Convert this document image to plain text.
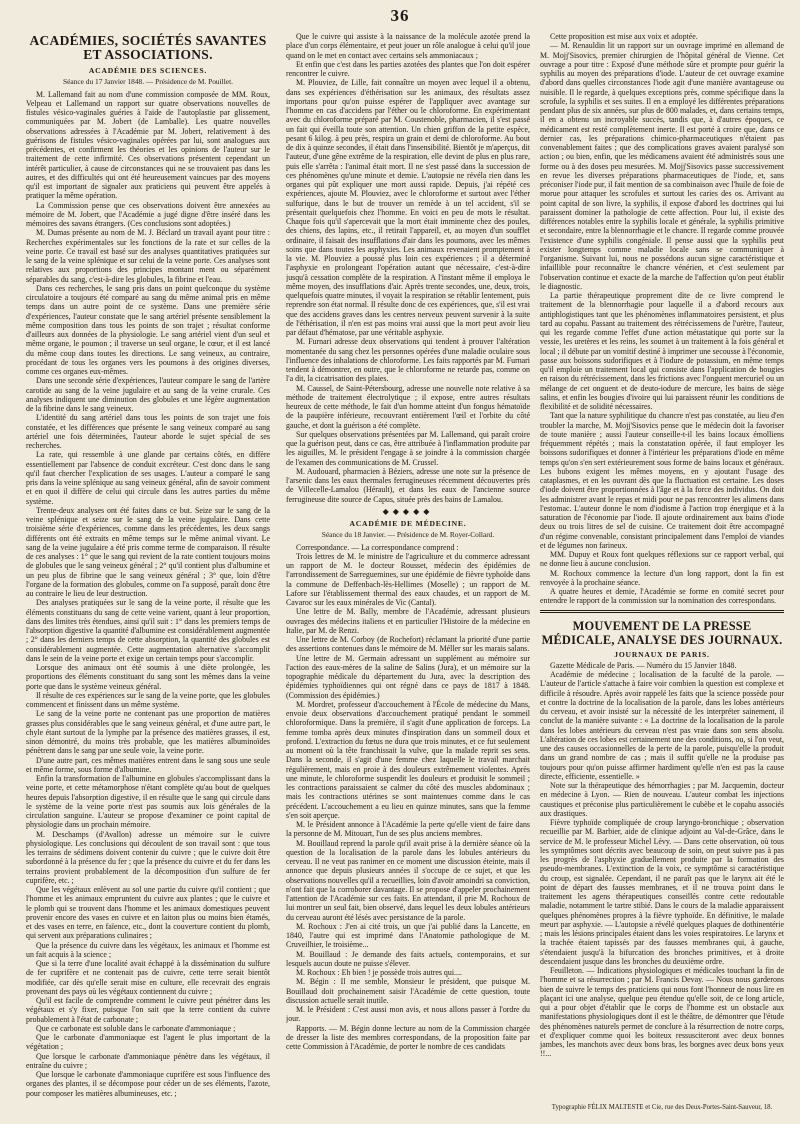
36
ACADÉMIES, SOCIÉTÉS SAVANTES ET ASSOCIATIONS.
ACADÉMIE DES SCIENCES.
Séance du 17 Janvier 1848. — Présidence de M. Pouillet.

M. Lallemand fait au nom d'une commission composée de MM. Roux, Velpeau et Lallemand un rapport sur quatre observations nouvelles de fistules vésico-vaginales guéries à l'aide de l'autoplastie par glissement, communiquées par M. Jobert (de Lamballe). Les quatre nouvelles observations adressées à l'Académie par M. Jobert, relativement à des guérisons de fistules vésico-vaginales opérées par lui, sont analogues aux précédentes, et confirment les théories et les opinions de l'auteur sur le traitement de cette infirmité. Ces observations présentent cependant un intérêt particulier, à cause de circonstances qui ne se trouvaient pas dans les autres, et des difficultés qui ont été heureusement vaincues par des moyens qu'il est important de signaler aux praticiens qui peuvent être appelés à pratiquer la même opération.

La Commission pense que ces observations doivent être annexées au mémoire de M. Jobert, que l'Académie a jugé digne d'être inséré dans les mémoires des savans étrangers. (Ces conclusions sont adoptées.)

M. Dumas présente au nom de M. J. Béclard un travail ayant pour titre : Recherches expérimentales sur les fonctions de la rate et sur celles de la veine porte. Ce travail est basé sur des analyses quantitatives pratiquées sur le sang de la veine splénique et sur celui de la veine porte. Ces analyses sont relatives aux proportions des principes montant ment ou séparément séparables du sang, c'est-à-dire les globules, la fibrine et l'eau.

Dans ces recherches, le sang pris dans un point quelconque du système circulatoire a toujours été comparé au sang du même animal pris en même temps dans un autre point de ce système. Dans une première série d'expériences, l'auteur constate que le sang artériel présente sensiblement la même composition dans tous les points de son trajet ; résultat conforme d'ailleurs aux données de la physiologie. Le sang artériel vient d'un seul et même organe, le poumon ; il traverse un seul organe, le cœur, et il est lancé du même coup dans toutes les directions. Le sang veineux, au contraire, procédant de tous les organes vers les poumons à des origines diverses, comme ces organes eux-mêmes.

Dans une seconde série d'expériences, l'auteur compare le sang de l'artère carotide au sang de la veine jugulaire et au sang de la veine crurale. Ces analyses indiquent une diminution des globules et une légère augmentation de la fibrine dans le sang veineux.

L'identité du sang artériel dans tous les points de son trajet une fois constatée, et les différences que présente le sang veineux comparé au sang artériel une fois déterminées, l'auteur aborde le sujet spécial de ses recherches.

La rate, qui ressemble à une glande par certains côtés, en diffère essentiellement par l'absence de conduit excréteur. C'est donc dans le sang qu'il faut chercher l'explication de ses usages. L'auteur a comparé le sang pris dans la veine splénique au sang veineux général, afin de savoir comment et en quoi il diffère de celui qui circule dans les autres parties du même système.

Trente-deux analyses ont été faites dans ce but. Seize sur le sang de la veine splénique et seize sur le sang de la veine jugulaire. Dans cette troisième série d'expériences, comme dans les précédentes, les deux sangs différents ont été extraits en même temps sur le même animal vivant. Le sang de la veine jugulaire a été pris comme terme de comparaison. Il résulte de ces analyses : 1° que le sang qui revient de la rate contient toujours moins de globules que le sang veineux général ; 2° qu'il contient plus d'albumine et un peu plus de fibrine que le sang veineux général ; 3° que, loin d'être l'organe de la formation des globules, comme on l'a supposé, paraît donc être au contraire le lieu de leur destruction.

Des analyses pratiquées sur le sang de la veine porte, il résulte que les éléments constituans du sang de cette veine varient, quant à leur proportion, dans des limites très étendues, ainsi qu'il suit : 1° dans les premiers temps de l'absorption digestive la quantité d'albumine est considérablement augmentée ; 2° dans les derniers temps de cette absorption, la quantité des globules est considérablement augmentée. Cette augmentation alternative s'accomplit dans le sein de la veine porte et exige un certain temps pour s'accomplir.

Lorsque des animaux ont été soumis à une diète prolongée, les proportions des éléments constituant du sang sont les mêmes dans la veine porte que dans le système veineux général.

Il résulte de ces expériences sur le sang de la veine porte, que les globules commencent et finissent dans un même système.

Le sang de la veine porte ne contenant pas une proportion de matières grasses plus considérables que le sang veineux général, et d'une autre part, le chyle étant surtout de la lymphe par la présence des matières grasses, il est, sinon démontré, du moins très probable, que les matières albuminoïdes pénètrent dans le sang par une seule voie, la veine porte.

D'une autre part, ces mêmes matières entrent dans le sang sous une seule et même forme, sous forme d'albumine.

Enfin la transformation de l'albumine en globules s'accomplissant dans la veine porte, et cette métamorphose n'étant complète qu'au bout de quelques heures depuis l'absorption digestive, il en résulte que le sang qui circule dans le système de la veine porte n'est pas soumis aux lois générales de la circulation sanguine. L'auteur se propose d'examiner ce point capital de physiologie dans un prochain mémoire.

M. Deschamps (d'Avallon) adresse un mémoire sur le cuivre physiologique. Les conclusions qui découlent de son travail sont : que tous les terrains de sédimens doivent contenir du cuivre ; que le cuivre doit être subordonné à la présence du fer ; que la présence du cuivre et du fer dans les terrains provient probablement de la décomposition d'un sulfure de fer cuprifère, etc. ;

Que les végétaux enlèvent au sol une partie du cuivre qu'il contient ; que l'homme et les animaux empruntent du cuivre aux plantes ; que le cuivre et le plomb qui se trouvent dans l'homme et les animaux domestiques peuvent provenir encore des vases en cuivre et en laiton plus ou moins bien étamés, et des vases en terre, en faïence, etc., dont la couverture contient du plomb, qui servent aux préparations culinaires ;

Que la présence du cuivre dans les végétaux, les animaux et l'homme est un fait acquis à la science ;

Que si la terre d'une localité avait échappé à la dissémination du sulfure de fer cuprifère et ne contenait pas de cuivre, cette terre serait bientôt modifiée, car dès qu'elle serait mise en culture, elle recevrait des engrais provenant des pays où les végétaux contiennent du cuivre ;

Qu'il est facile de comprendre comment le cuivre peut pénétrer dans les végétaux et s'y fixer, puisque l'on sait que la terre contient du cuivre probablement à l'état de carbonate ;

Que ce carbonate est soluble dans le carbonate d'ammoniaque ;

Que le carbonate d'ammoniaque est l'agent le plus important de la végétation ;

Que lorsque le carbonate d'ammoniaque pénètre dans les végétaux, il entraîne du cuivre ;

Que lorsque le carbonate d'ammoniaque cuprifère est sous l'influence des organes des plantes, il se décompose pour céder un de ses éléments, l'azote, pour composer les matières albumineuses, etc. ;

Que le cuivre qui assiste à la naissance de la molécule azotée prend la place d'un corps élémentaire, et peut jouer un rôle analogue à celui qu'il joue quand on le met en contact avec certains sels ammoniacaux ;

Et enfin que c'est dans les parties azotées des plantes que l'on doit espérer rencontrer le cuivre.

M. Plouviez, de Lille, fait connaître un moyen avec lequel il a obtenu, dans ses expériences d'éthérisation sur les animaux, des résultats assez importans pour qu'on puisse espérer de l'appliquer avec avantage sur l'homme en cas d'accidens par l'éther ou le chloroforme. En expérimentant avec du chloroforme préparé par M. Coustenoble, pharmacien, il s'est passé un fait qui éveilla toute son attention. Un chien griffon de la petite espèce, pesant 6 kilog. à peu près, respira un grain et demi de chloroforme. Au bout de dix à quinze secondes, il était dans l'insensibilité. Bientôt je m'aperçus, dit l'auteur, d'une gêne extrême de la respiration, elle devint de plus en plus rare, puis elle s'arrêta : l'animal était mort. Il ne s'est passé dans la succession de ces phénomènes qu'une minute et demie. L'autopsie ne révéla rien dans les organes qui pût expliquer une mort aussi rapide. Depuis, j'ai répété ces expériences, ajoute M. Plouviez, avec le chloroforme et surtout avec l'éther sulfurique, dans le but de trouver un remède à un tel accident, s'il se présentait quelquefois chez l'homme. En voici en peu de mots le résultat. Chaque fois qu'il s'apercevait que la mort était imminente chez des poules, des chiens, des lapins, etc., il retirait l'appareil, et, au moyen d'un soufflet ordinaire, il faisait des insufflations d'air dans les poumons, avec les mêmes soins que dans toutes les asphyxies. Les animaux revenaient promptement à la vie. M. Plouviez a poussé plus loin ces expériences ; il a déterminé l'asphyxie en prolongeant l'opération autant que nécessaire, c'est-à-dire jusqu'à cessation complète de la respiration. A l'instant même il employa le même moyen, des insufflations d'air. Après trente secondes, une, deux, trois, quelquefois quatre minutes, il voyait la respiration se rétablir lentement, puis reprendre son état normal. Il résulte donc de ces expériences, que, s'il est vrai que des accidens graves dans les centres nerveux peuvent survenir à la suite de l'éthérisation, il n'en est pas moins vrai aussi que la mort peut avoir lieu par défaut d'hématose, par une véritable asphyxie.

M. Furnari adresse deux observations qui tendent à prouver l'altération momentanée du sang chez les personnes opérées d'une maladie oculaire sous l'influence des inhalations de chloroforme. Les faits rapportés par M. Furnari tendent à démontrer, en outre, que le chloroforme ne retarde pas, comme on l'a dit, la cicatrisation des plaies.

M. Caussel, de Saint-Pétersbourg, adresse une nouvelle note relative à sa méthode de traitement électrolytique ; il expose, entre autres résultats heureux de cette méthode, le fait d'un homme atteint d'un fongus hématoïde de la paupière inférieure, recouvrant entièrement l'œil et l'orbite du côté gauche, et dont la guérison a été complète.

Sur quelques observations présentées par M. Lallemand, qui paraît croire que la guérison peut, dans ce cas, être attribuée à l'inflammation produite par les aiguilles, M. le président l'engage à se joindre à la commission chargée de l'examen des communications de M. Crussel.

M. Audouard, pharmacien à Béziers, adresse une note sur la présence de l'arsenic dans les eaux thermales ferrugineuses récemment découvertes près de Villecelle-Lamalou (Hérault), et dans les eaux de l'ancienne source ferrugineuse dite source de Capus, située près des bains de Lamalou.

◆◆◆◆◆
ACADÉMIE DE MÉDECINE.
Séance du 18 Janvier. — Présidence de M. Royer-Collard.

Correspondance. — La correspondance comprend :

Trois lettres de M. le ministre de l'agriculture et du commerce adressant un rapport de M. le docteur Rousset, médecin des épidémies de l'arrondissement de Sarreguemines, sur une épidémie de fièvre typhoïde dans la commune de Deffenbach-lès-Hellimes (Moselle) ; un rapport de M. Lafore sur l'établissement thermal des eaux chaudes, et un rapport de M. Cavaroc sur les eaux minérales de Vic (Cantal).

Une lettre de M. Bally, membre de l'Académie, adressant plusieurs ouvrages des médecins italiens et en particulier l'Histoire de la médecine en Italie, par M. de Renzi.

Une lettre de M. Corboy (de Rochefort) réclamant la priorité d'une partie des assertions contenues dans le mémoire de M. Méller sur les marais salans.

Une lettre de M. Germain adressant un supplément au mémoire sur l'action des eaux-mères de la saline de Salins (Jura), et un mémoire sur la topographie médicale du département du Jura, avec la description des épidémies typhoïdiennes qui ont régné dans ce pays de 1817 à 1848. (Commission des épidémies.)

M. Mordret, professeur d'accouchement à l'École de médecine du Mans, envoie deux observations d'accouchement pratiqué pendant le sommeil chloroformique. Dans la première, il s'agit d'une application de forceps. La femme tomba après deux minutes d'inspiration dans un sommeil doux et profond. L'extraction du fœtus ne dura que trois minutes, et ce fut seulement au moment où la tête franchissait la vulve, que la malade reprit ses sens. Dans la seconde, il s'agit d'une femme chez laquelle le travail marchait régulièrement, mais en proie à des douleurs extrêmement violentes. Après une minute, le chloroforme suspendit les douleurs et produisit le sommeil ; les contractions paraissaient se calmer du côté des muscles abdominaux ; mais les contractions utérines se sont maintenues comme dans le cas précédent. L'accouchement a eu lieu en quinze minutes, sans que la femme s'en soit aperçue.

M. le Président annonce à l'Académie la perte qu'elle vient de faire dans la personne de M. Mitouart, l'un de ses plus anciens membres.

M. Bouillaud reprend la parole qu'il avait prise à la dernière séance où la question de la localisation de la parole dans les lobules antérieurs du cerveau. Il ne veut pas ranimer en ce moment une discussion éteinte, mais il annonce que depuis plusieurs années il s'occupe de ce sujet, et que les observations nouvelles qu'il a recueillies, loin d'avoir amoindri sa conviction, n'ont fait que la corroborer davantage. Il se propose d'appeler prochainement l'attention de l'Académie sur ces faits. En attendant, il prie M. Rochoux de lui montrer un seul fait, bien observé, dans lequel les deux lobules antérieurs du cerveau auront été lésés avec persistance de la parole.

M. Rochoux : J'en ai cité trois, un que j'ai publié dans la Lancette, en 1840, l'autre qui est imprimé dans l'Anatomie pathologique de M. Cruveilhier, le troisième...

M. Bouillaud : Je demande des faits actuels, contemporains, et sur lesquels aucun doute ne puisse s'élever.

M. Rochoux : Eh bien ! je possède trois autres qui....

M. Bégin : Il me semble, Monsieur le président, que puisque M. Bouillaud doit prochainement saisir l'Académie de cette question, toute discussion actuelle serait inutile.

M. le Président : C'est aussi mon avis, et nous allons passer à l'ordre du jour.

Rapports. — M. Bégin donne lecture au nom de la Commission chargée de dresser la liste des membres correspondans, de la proposition faite par cette Commission à l'Académie, de porter le nombre de ces candidats

Cette proposition est mise aux voix et adoptée.

— M. Renauldin lit un rapport sur un ouvrage imprimé en allemand de M. Mojj'Sisovics, premier chirurgien de l'hôpital général de Vienne. Cet ouvrage a pour titre : Exposé d'une méthode sûre et prompte pour guérir la syphilis au moyen des préparations d'iode. L'auteur de cet ouvrage examine d'abord dans quelles circonstances l'iode agit d'une manière avantageuse ou nuisible. Il le regarde, à quelques exceptions près, comme spécifique dans la scrofule, la syphilis et ses suites. Il en a employé les différentes préparations pendant plus de six années, sur plus de 800 malades, et, dans certains temps, il en a obtenu un incroyable succès, tandis que, à d'autres époques, ce médicament est resté complètement inerte. Il est porté à croire que, dans ce dernier cas, les préparations chimico-pharmaceutiques n'étaient pas convenablement faites ; que des complications graves avaient paralysé son action ; ou bien, enfin, que les médicamens avaient été administrés sous une forme ou à des doses peu mesurées. M. Mojj'Sisovics passe successivement en revue les diverses préparations pharmaceutiques de l'iode, et, sans préconiser l'iode pur, il fait mention de sa combinaison avec l'huile de foie de morue pour attaquer les scrofules et surtout les caries des os. Arrivant au point capital de son livre, la syphilis, il expose d'abord les doctrines qui lui paraissent dominer la pathologie de cette affection. Pour lui, il existe des différences notables entre la syphilis locale et générale, la syphilis primitive et secondaire, entre la blennorrhagie et le chancre. Il regarde comme prouvée l'existence d'une syphilis congéniale. Il pense aussi que la syphilis peut exister longtemps comme maladie locale sans se communiquer à l'organisme. Suivant lui, nous ne possédons aucun signe caractéristique et infaillible pour reconnaître le chancre vénérien, et c'est seulement par l'observation continue et exacte de la marche de l'affection qu'on peut établir le diagnostic.

La partie thérapeutique proprement dite de ce livre comprend le traitement de la blennorrhagie pour laquelle il a d'abord recours aux antiphlogistiques tant que les phénomènes inflammatoires persistent, et plus tard au copahu. Passant au traitement des rétrécissemens de l'urètre, l'auteur, qui les regarde comme l'effet d'une action métastatique qui porte sur la vessie, les uretères et les reins, les soumet à un traitement à la fois général et local ; il débute par un vomitif destiné à imprimer une secousse à l'économie, passe aux boissons sudorifiques et à l'iodure de potassium, en même temps qu'il emploie un traitement local qui consiste dans l'application de bougies en raison du rétrécissement, dans les frictions avec l'onguent mercuriel ou un mélange de cet onguent et de deuto-iodure de mercure, les bains de siège salins, et enfin les bougies d'ivoire qui lui paraissent réunir les conditions de flexibilité et de solidité nécessaires.

Tant que la nature syphilitique du chancre n'est pas constatée, au lieu d'en troubler la marche, M. Mojj'Sisovics pense que le médecin doit la favoriser de toute manière ; aussi l'auteur conseille-t-il les bains locaux émolliens fréquemment répétés ; mais la constatation opérée, il faut employer les boissons sudorifiques et donner à l'intérieur les préparations d'iode en même temps qu'on s'en sert extérieurement sous forme de bains locaux et généraux. Les bubons exigent les mêmes moyens, en y ajoutant l'usage des cataplasmes, et en les ouvrant dès que la fluctuation est certaine. Les doses d'iode doivent être proportionnées à l'âge et à la force des individus. On doit les administrer avant le repas et midi pour ne pas rencontrer les alimens dans l'estomac. L'auteur donne le nom d'iodisme à l'action trop énergique et à la saturation de l'économie par l'iode. Il ajoute ordinairement aux bains d'iode deux ou trois litres de sel de cuisine. Ce traitement doit être accompagné d'un régime convenable, consistant principalement dans l'emploi de viandes et de légumes non farineux.

MM. Dupuy et Roux font quelques réflexions sur ce rapport verbal, qui ne donne lieu à aucune conclusion.

M. Rochoux commence la lecture d'un long rapport, dont la fin est renvoyée à la prochaine séance.

A quatre heures et demie, l'Académie se forme en comité secret pour entendre le rapport de la commission sur la nomination des correspondans.

MOUVEMENT DE LA PRESSE MÉDICALE, ANALYSE DES JOURNAUX.
JOURNAUX DE PARIS.

Gazette Médicale de Paris. — Numéro du 15 Janvier 1848.

Académie de médecine ; localisation de la faculté de la parole. — L'auteur de l'article s'attache à faire voir combien la question est complexe et difficile à résoudre. Après avoir rappelé les faits que la science possède pour et contre la doctrine de la localisation de la parole, dans les lobes antérieurs du cerveau, et avoir insisté sur la nécessité de les interpréter sainement, il conclut de la manière suivante : « La doctrine de la localisation de la parole dans les lobes antérieurs du cerveau n'est pas vraie dans son sens absolu. L'altération de ces lobes est certainement une des conditions, ou, si l'on veut, une des causes occasionnelles de la perte de la parole, puisqu'elle la produit dans un grand nombre de cas ; mais il suffit qu'elle ne la produise pas toujours pour qu'on puisse affirmer hardiment qu'elle n'en est pas la cause directe, efficiente, essentielle. »

Note sur la thérapeutique des hémorrhagies ; par M. Jacquemin, docteur en médecine à Lyon. — Rien de nouveau. L'auteur combat les injections caustiques et préconise plus particulièrement le cubèbe et le copahu associés aux drastiques.

Fièvre typhoïde compliquée de croup laryngo-bronchique ; observation recueillie par M. Barbier, aide de clinique adjoint au Val-de-Grâce, dans le service de M. le professeur Michel Lévy. — Dans cette observation, où tous les symptômes sont décrits avec beaucoup de soin, on peut suivre pas à pas les progrès de l'asphyxie graduellement produite par la formation des pseudo-membranes. L'extinction de la voix, ce symptôme si caractéristique du croup, est signalée. Cependant, il ne paraît pas que le larynx ait été le point de départ des fausses membranes, et il ne trouva point dans le traitement les agens thérapeutiques conseillés contre cette redoutable maladie, notamment le tartre stibié. Dans le cours de la maladie apparaissent quelques phénomènes propres à la fièvre typhoïde. En définitive, le malade meurt par asphyxie. — L'autopsie a révélé quelques plaques de dothinentérie ; mais les lésions principales étaient dans les voies respiratoires. Le larynx et la trachée étaient tapissés par des fausses membranes qui, à gauche, s'étendaient jusqu'à la bifurcation des bronches primitives, et à droite descendaient jusque dans les bronches du deuxième ordre.

Feuilleton. — Indications physiologiques et médicales touchant la fin de l'homme et sa résurrection ; par M. Francis Devay. — Nous nous garderons bien de suivre le temps des praticiens qui nous font l'honneur de nous lire en plaçant ici une analyse, quelque peu étendue qu'elle soit, de ce long article, qui a pour objet d'établir que le corps de l'homme est un obstacle aux manifestations physiologiques dont il est le théâtre, de démontrer que l'étude des phénomènes naturels permet de conclure à la résurrection de notre corps, et d'expliquer comme quoi les boiteux ressusciteront avec deux bonnes jambes, les manchots avec deux bons bras, les borgnes avec deux bons yeux !!...

Typographie FÉLIX MALTESTE et Cie, rue des Deux-Portes-Saint-Sauveur, 18.
